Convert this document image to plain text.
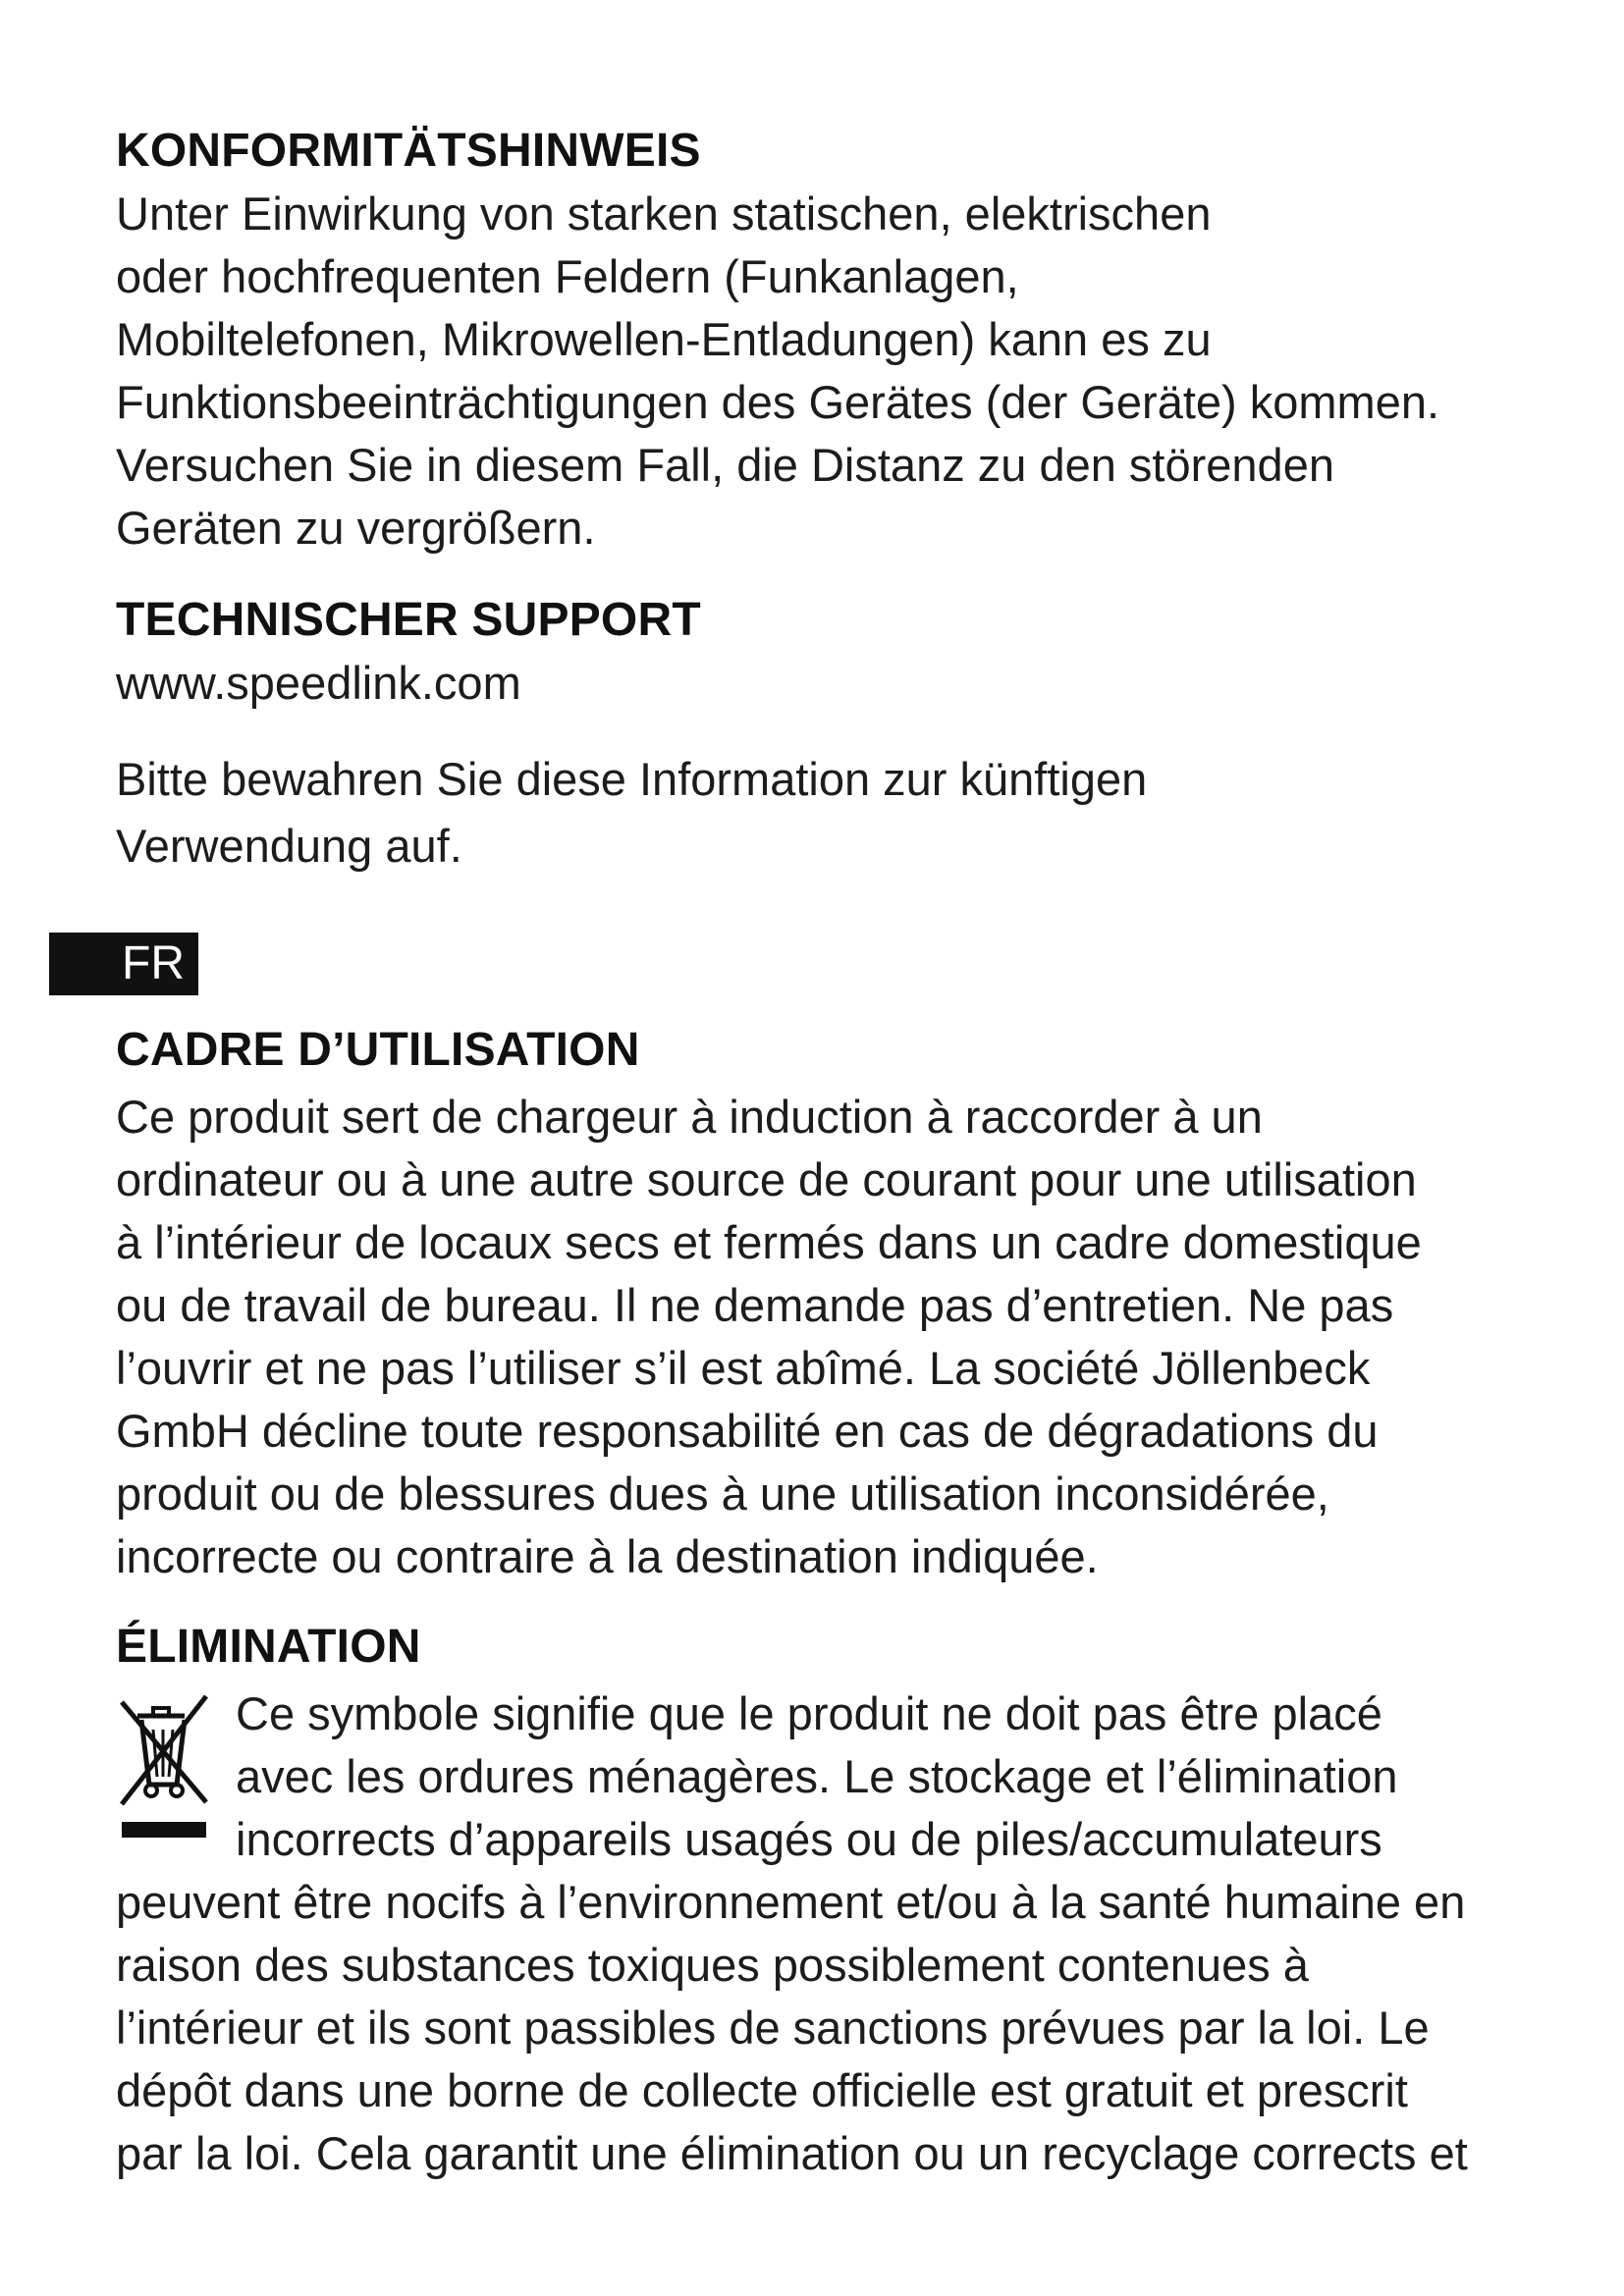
KONFORMITÄTSHINWEIS

Unter Einwirkung von starken statischen, elektrischen
oder hochfrequenten Feldern (Funkanlagen,
Mobiltelefonen, Mikrowellen-Entladungen) kann es zu
Funktionsbeeinträchtigungen des Gerätes (der Geräte) kommen.
Versuchen Sie in diesem Fall, die Distanz zu den störenden
Geräten zu vergrößern.

TECHNISCHER SUPPORT

www.speedlink.com

Bitte bewahren Sie diese Information zur künftigen
Verwendung auf.

FR
CADRE D’UTILISATION

Ce produit sert de chargeur à induction à raccorder à un
ordinateur ou à une autre source de courant pour une utilisation
à l’intérieur de locaux secs et fermés dans un cadre domestique
ou de travail de bureau. Il ne demande pas d’entretien. Ne pas
l’ouvrir et ne pas l’utiliser s’il est abîmé. La société Jöllenbeck
GmbH décline toute responsabilité en cas de dégradations du
produit ou de blessures dues à une utilisation inconsidérée,
incorrecte ou contraire à la destination indiquée.

ÉLIMINATION

Ce symbole signifie que le produit ne doit pas être placé
avec les ordures ménagères. Le stockage et l’élimination
incorrects d’appareils usagés ou de piles/accumulateurs

peuvent être nocifs à l’environnement et/ou à la santé humaine en
raison des substances toxiques possiblement contenues à
l’intérieur et ils sont passibles de sanctions prévues par la loi. Le
dépôt dans une borne de collecte officielle est gratuit et prescrit
par la loi. Cela garantit une élimination ou un recyclage corrects et
